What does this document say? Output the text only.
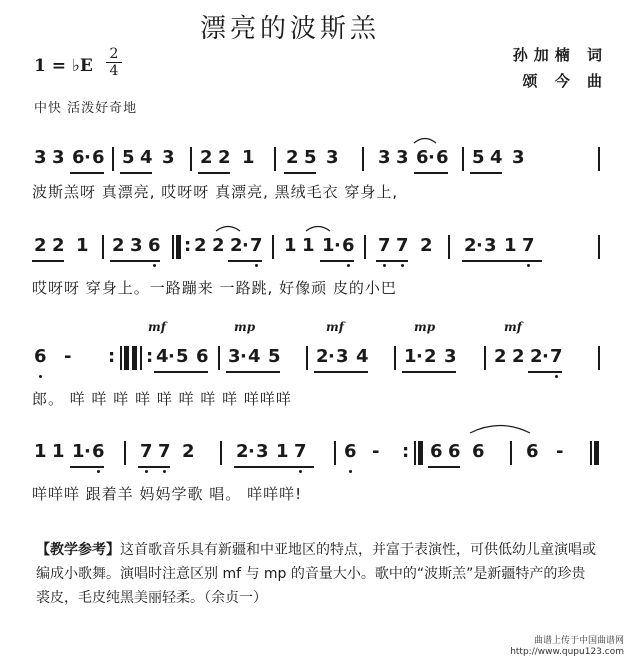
漂亮的波斯羔
1 = ♭E
2
4
孙加楠 词
颂 今 曲
中快 活泼好奇地
3 3 6 · 6 5 4 3 2 2 1 2 5 3 3 3 6 · 6 5 4 3
波斯羔呀 真漂亮, 哎呀呀 真漂亮, 黑绒毛衣 穿身上,
2 2 1 2 3 6 : 2 2 2 · 7 1 1 1 · 6 7 7 2 2 · 3 1 7
哎呀呀 穿身上。一路蹦来 一路跳, 好像顽 皮的小巴
mf	mp	mf	mp	mf
6 - : : 4 · 5 6 3 · 4 5 2 · 3 4 1 · 2 3 2 2 2 · 7
郎。 咩 咩 咩 咩 咩 咩 咩 咩 咩咩咩
1 1 1 · 6 7 7 2 2 · 3 1 7 6 - : 6 6 6 6 -
咩咩咩 跟着羊 妈妈学歌 唱。 咩咩咩!
【教学参考】这首歌音乐具有新疆和中亚地区的特点，并富于表演性，可供低幼儿童演唱或编成小歌舞。演唱时注意区别 mf 与 mp 的音量大小。歌中的“波斯羔”是新疆特产的珍贵裘皮，毛皮纯黑美丽轻柔。（余贞一）
曲谱上传于中国曲谱网
http://www.qupu123.com
